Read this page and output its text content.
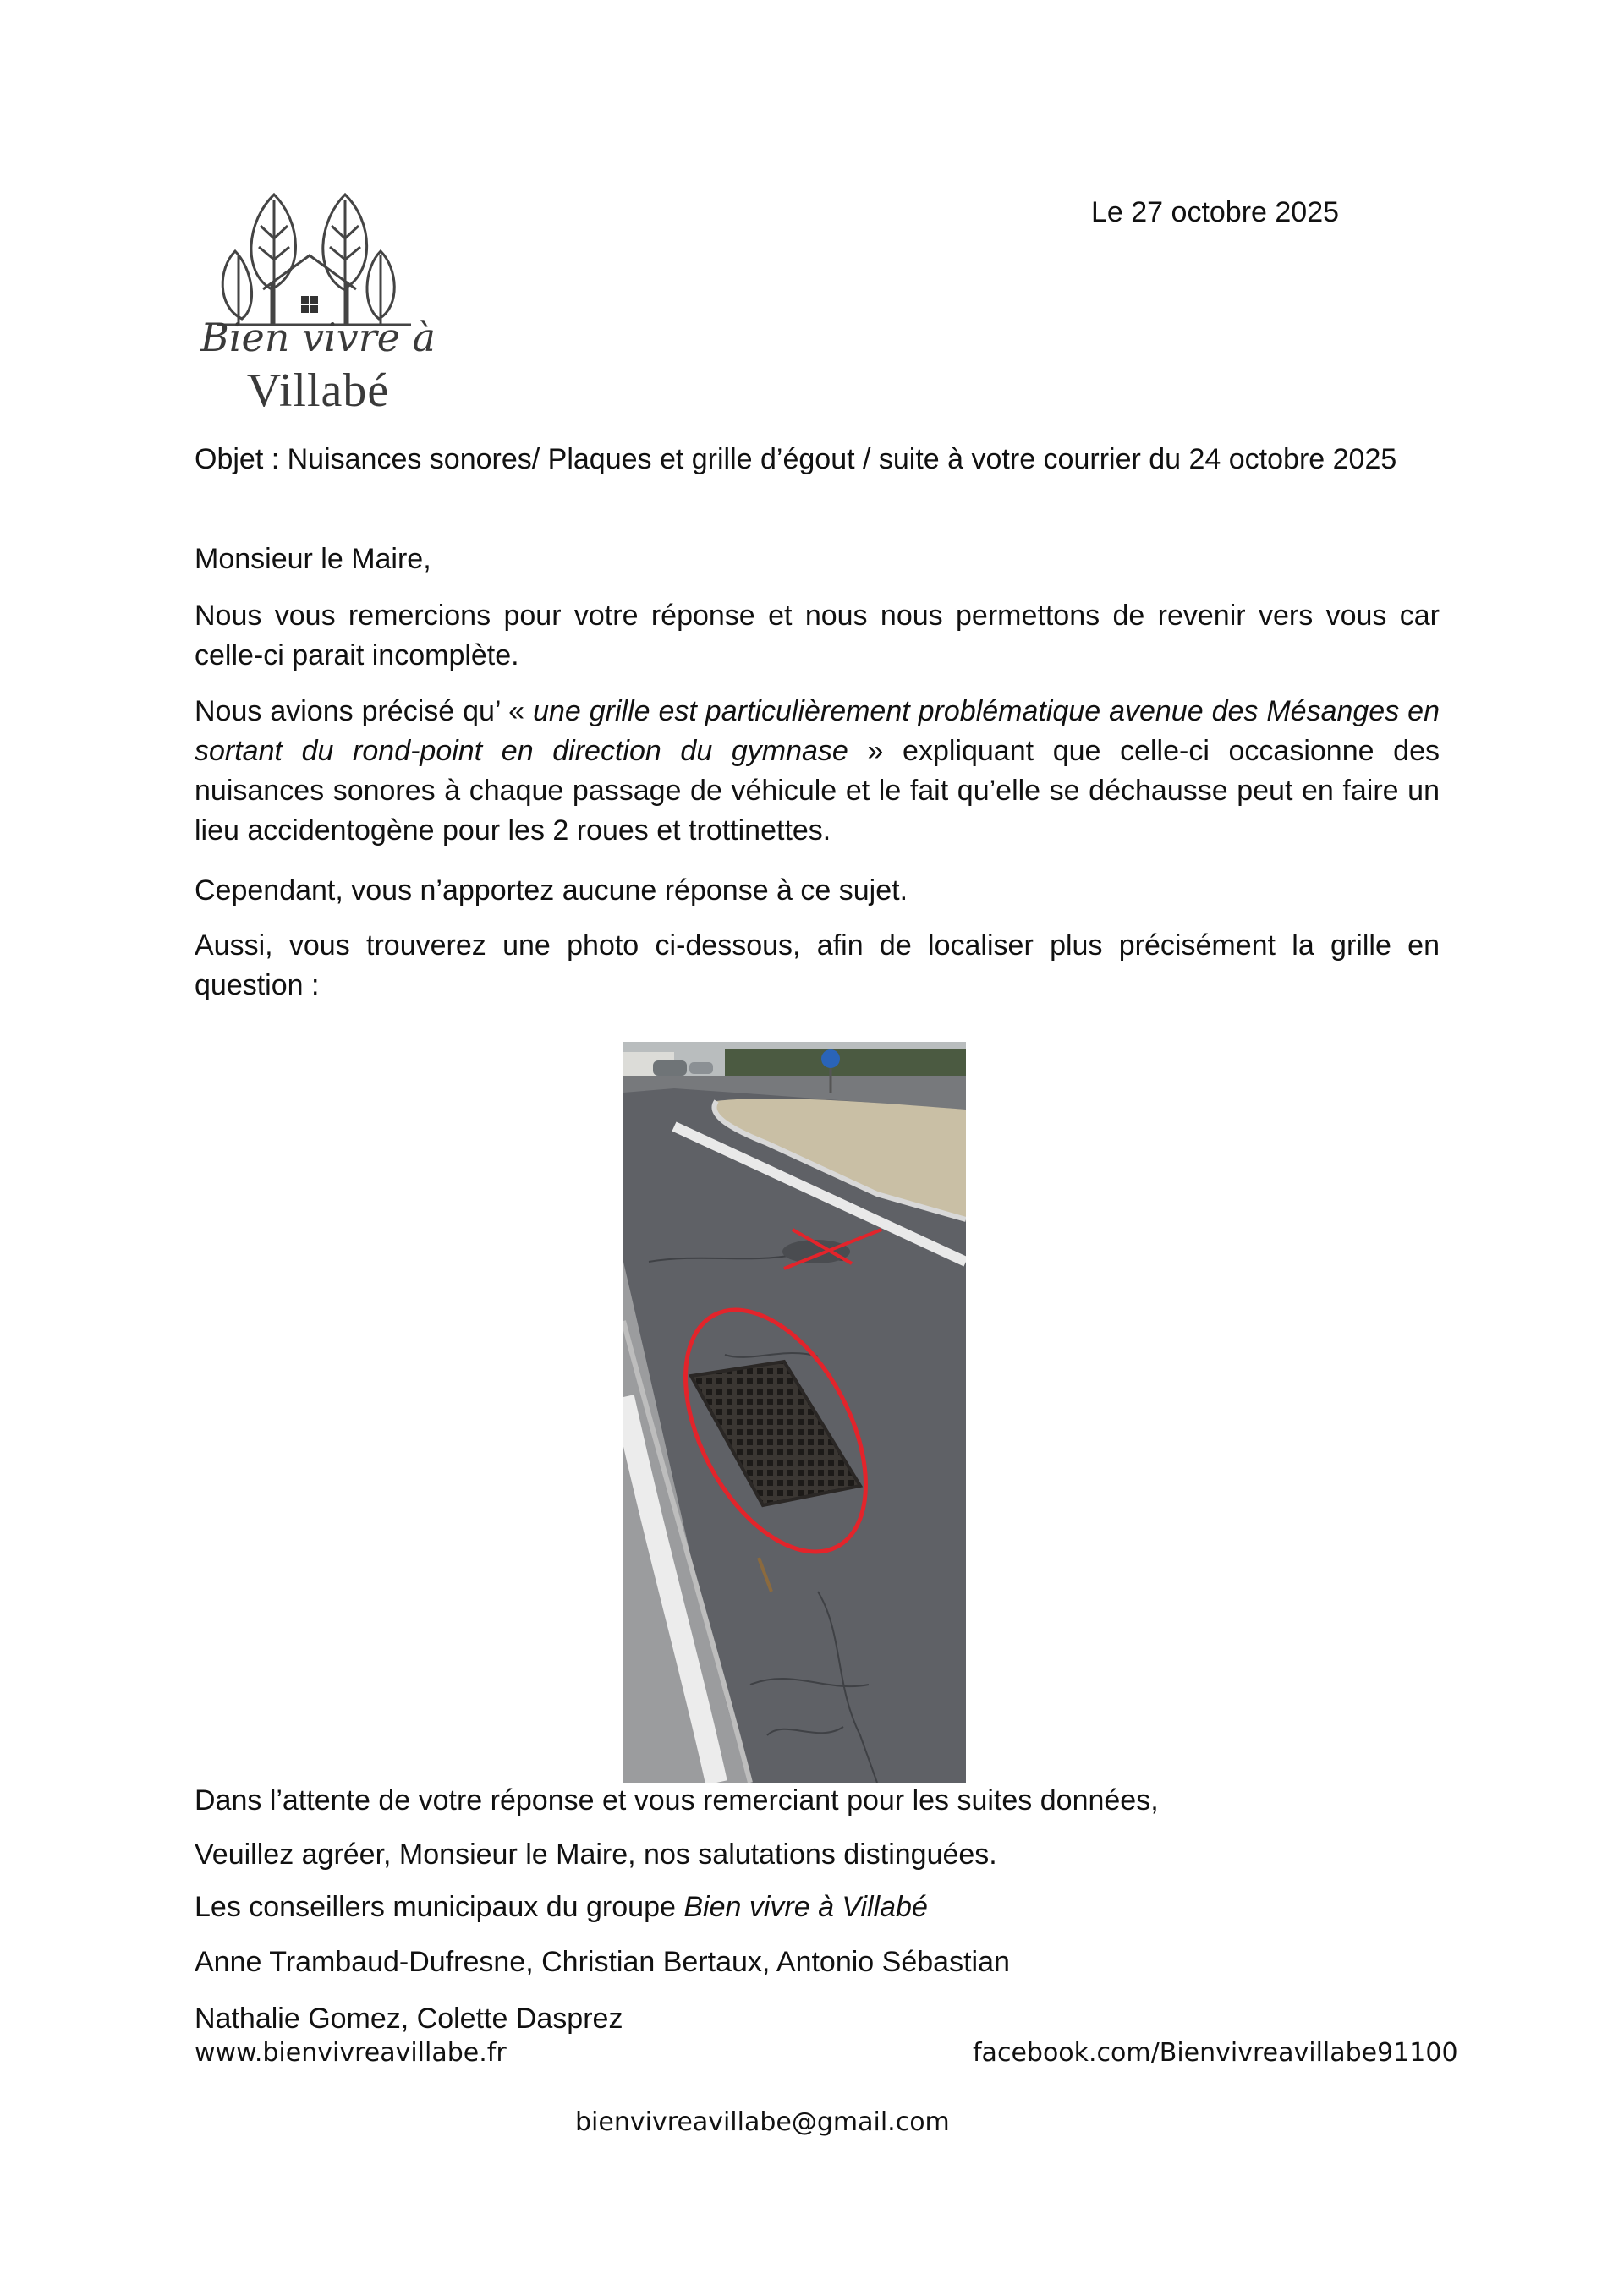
Bien vivre à
Villabé
Le 27 octobre 2025
Objet : Nuisances sonores/ Plaques et grille d’égout / suite à votre courrier du 24 octobre 2025
Monsieur le Maire,
Nous vous remercions pour votre réponse et nous nous permettons de revenir vers vous car celle-ci parait incomplète.
Nous avions précisé qu’ « une grille est particulièrement problématique avenue des Mésanges en sortant du rond-point en direction du gymnase » expliquant que celle-ci occasionne des nuisances sonores à chaque passage de véhicule et le fait qu’elle se déchausse peut en faire un lieu accidentogène pour les 2 roues et trottinettes.
Cependant, vous n’apportez aucune réponse à ce sujet.
Aussi, vous trouverez une photo ci-dessous, afin de localiser plus précisément la grille en question :
Dans l’attente de votre réponse et vous remerciant pour les suites données,
Veuillez agréer, Monsieur le Maire, nos salutations distinguées.
Les conseillers municipaux du groupe Bien vivre à Villabé
Anne Trambaud-Dufresne, Christian Bertaux, Antonio Sébastian
Nathalie Gomez, Colette Dasprez
www.bienvivreavillabe.fr	facebook.com/Bienvivreavillabe91100
bienvivreavillabe@gmail.com
